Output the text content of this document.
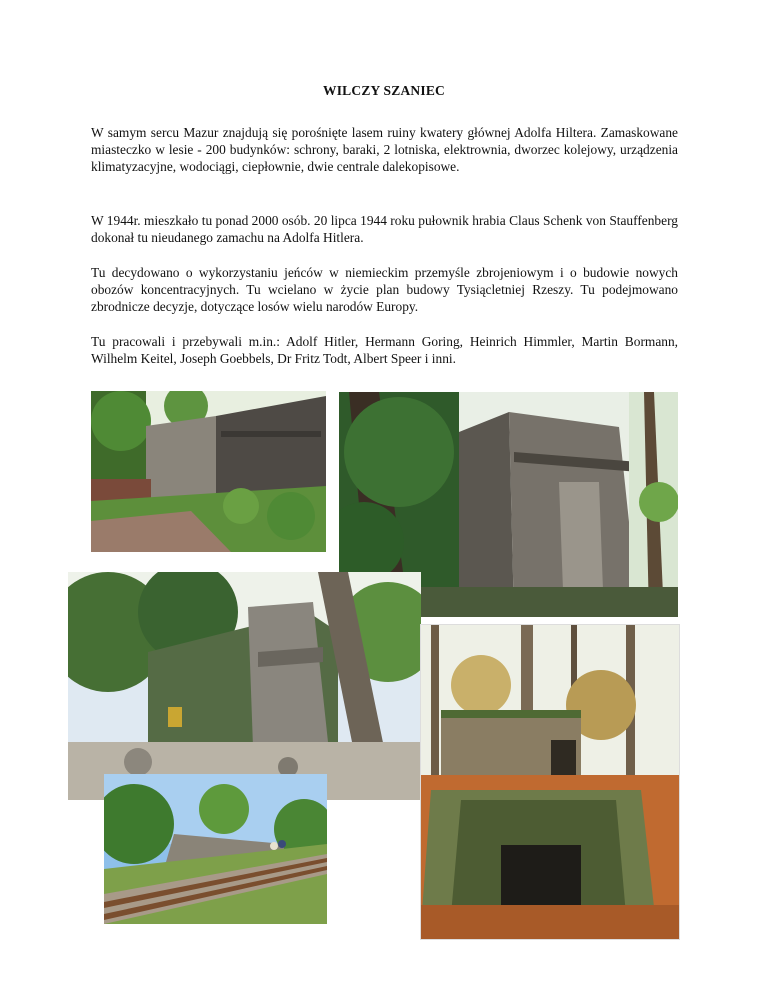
WILCZY SZANIEC

W samym sercu Mazur znajdują się porośnięte lasem ruiny kwatery głównej Adolfa Hiltera. Zamaskowane miasteczko w lesie - 200 budynków: schrony, baraki, 2 lotniska, elektrownia, dworzec kolejowy, urządzenia klimatyzacyjne, wodociągi, ciepłownie, dwie centrale dalekopisowe.

W 1944r. mieszkało tu ponad 2000 osób. 20 lipca 1944 roku pułownik hrabia Claus Schenk von Stauffenberg dokonał tu nieudanego zamachu na Adolfa Hitlera.

Tu decydowano o wykorzystaniu jeńców w niemieckim przemyśle zbrojeniowym i o budowie nowych obozów koncentracyjnych. Tu wcielano w życie plan budowy Tysiącletniej Rzeszy. Tu podejmowano zbrodnicze decyzje, dotyczące losów wielu narodów Europy.

Tu pracowali i przebywali m.in.: Adolf Hitler, Hermann Goring, Heinrich Himmler, Martin Bormann, Wilhelm Keitel, Joseph Goebbels, Dr Fritz Todt, Albert Speer i inni.
